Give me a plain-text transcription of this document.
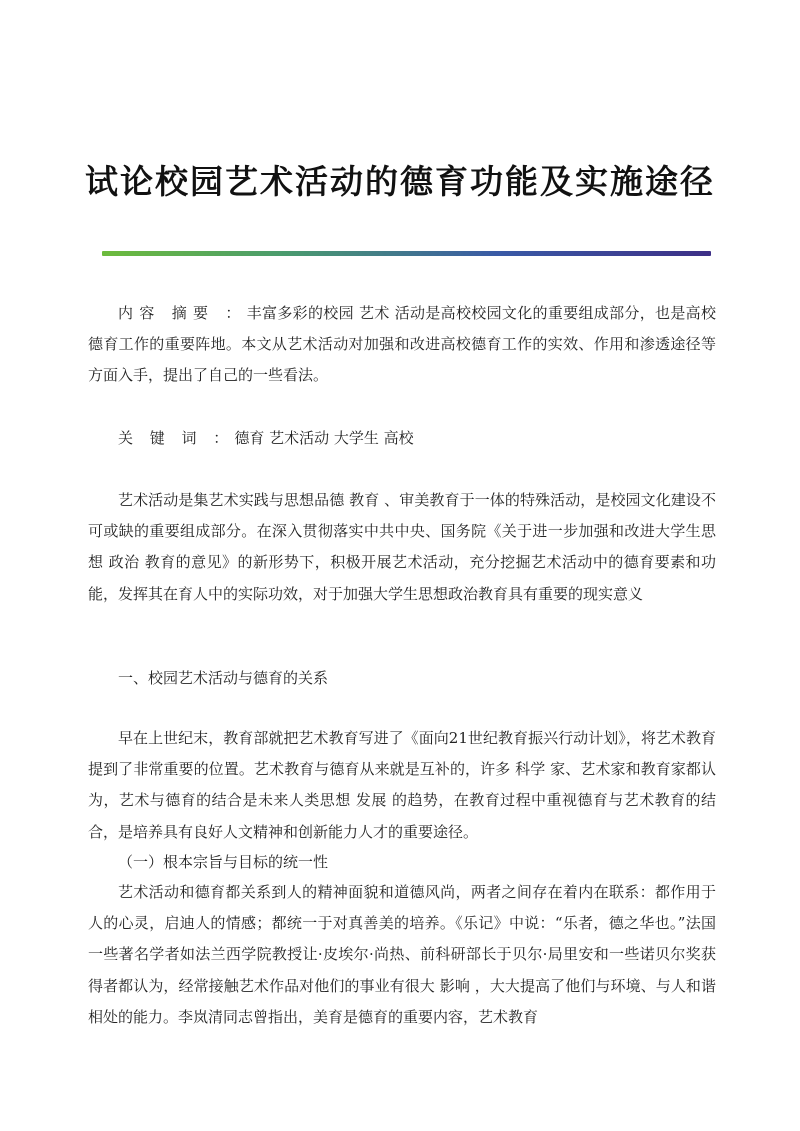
试论校园艺术活动的德育功能及实施途径

内容 摘要 ：丰富多彩的校园 艺术 活动是高校校园文化的重要组成部分，也是高校德育工作的重要阵地。本文从艺术活动对加强和改进高校德育工作的实效、作用和渗透途径等方面入手，提出了自己的一些看法。

关 键 词 ：德育 艺术活动 大学生 高校

艺术活动是集艺术实践与思想品德 教育 、审美教育于一体的特殊活动，是校园文化建设不可或缺的重要组成部分。在深入贯彻落实中共中央、国务院《关于进一步加强和改进大学生思想 政治 教育的意见》的新形势下，积极开展艺术活动，充分挖掘艺术活动中的德育要素和功能，发挥其在育人中的实际功效，对于加强大学生思想政治教育具有重要的现实意义

一、校园艺术活动与德育的关系

早在上世纪末，教育部就把艺术教育写进了《面向21世纪教育振兴行动计划》，将艺术教育提到了非常重要的位置。艺术教育与德育从来就是互补的，许多 科学 家、艺术家和教育家都认为，艺术与德育的结合是未来人类思想 发展 的趋势，在教育过程中重视德育与艺术教育的结合，是培养具有良好人文精神和创新能力人才的重要途径。

（一）根本宗旨与目标的统一性

艺术活动和德育都关系到人的精神面貌和道德风尚，两者之间存在着内在联系：都作用于人的心灵，启迪人的情感；都统一于对真善美的培养。《乐记》中说：“乐者，德之华也。”法国一些著名学者如法兰西学院教授让·皮埃尔·尚热、前科研部长于贝尔·局里安和一些诺贝尔奖获得者都认为，经常接触艺术作品对他们的事业有很大 影响 ，大大提高了他们与环境、与人和谐相处的能力。李岚清同志曾指出，美育是德育的重要内容，艺术教育
